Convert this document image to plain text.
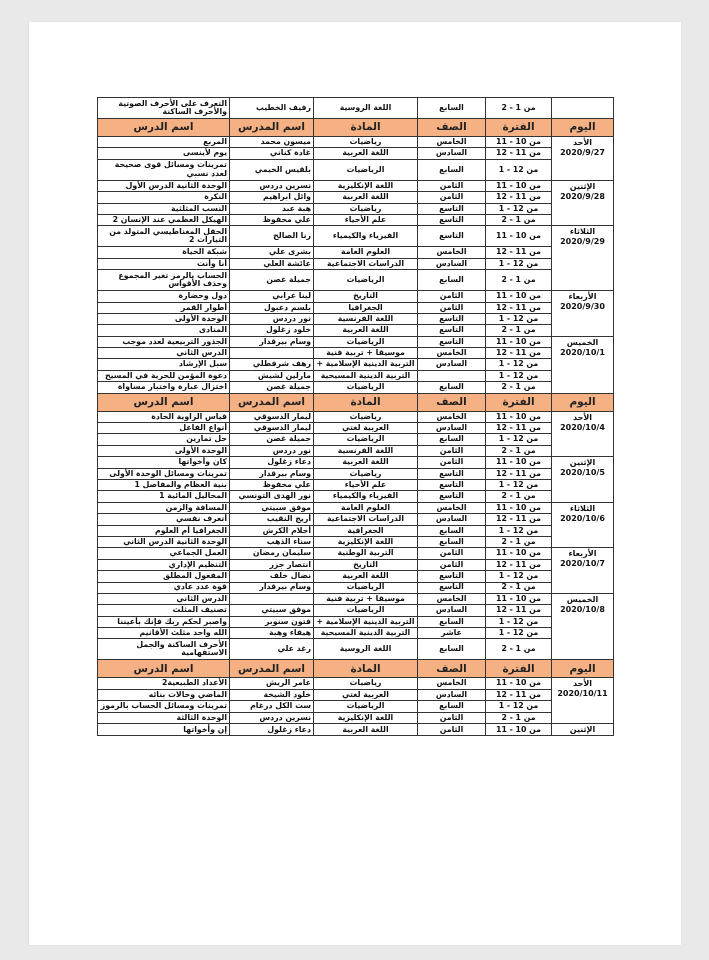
	من 1 - 2	السابع	اللغة الروسية	رفيف الخطيب	التعرف على الأحرف الصوتية والأحرف الساكنة
اليوم	الفترة	الصف	المادة	اسم المدرس	اسم الدرس

الأحد
2020/9/27	من 10 - 11	الخامس	رياضيات	ميسون محمد	المربع
	من 11 - 12	السادس	اللغة العربية	غادة كناني	يوم لأينسى
	من 12 - 1	السابع	الرياضيات	بلقيس الخيمي	تمرينات ومسائل قوى صحيحة لعدد نسبي

الإثنين
2020/9/28	من 10 - 11	الثامن	اللغة الإنكليزية	نسرين دردس	الوحدة الثانية الدرس الأول
	من 11 - 12	الثامن	اللغة العربية	وائل ابراهيم	النكرة
	من 12 - 1	التاسع	رياضيات	هبة عبد	النسب المثلثية
	من 1 - 2	التاسع	علم الأحياء	علي محفوظ	الهيكل العظمي عند الإنسان 2

الثلاثاء
2020/9/29	من 10 - 11	التاسع	الفيزياء والكيمياء	رنا الصالح	الحقل المغناطيسي المتولد من التيارات 2
	من 11 - 12	الخامس	العلوم العامة	بشرى علي	شبكة الحياة
	من 12 - 1	السادس	الدراسات الاجتماعية	عائشة العلي	أنا وأنت
	من 1 - 2	السابع	الرياضيات	جميلة غصن	الحساب بالرمز تغير المجموع وحذف الأقواس

الأربعاء
2020/9/30	من 10 - 11	الثامن	التاريخ	لينا عرابي	دول وحضارة
	من 11 - 12	الثامن	الجغرافيا	بلسم دعبول	أطوار القمر
	من 12 - 1	التاسع	اللغة الفرنسية	نور دردس	الوحدة الأولى
	من 1 - 2	التاسع	اللغة العربية	خلود زغلول	المنادى

الخميس
2020/10/1	من 10 - 11	التاسع	الرياضيات	وسام بيرقدار	الجذور التربيعية لعدد موجب
	من 11 - 12	الخامس	موسيقا + تربية فنية		الدرس الثاني
	من 12 - 1	السادس	التربية الدينية الإسلامية +	رهف شرفطلي	سبل الإرشاد
	من 12 - 1		التربية الدينية المسيحية	مارلين لشيش	دعوة المؤمن للحرية في المسيح
	من 1 - 2	السابع	الرياضيات	جميلة غصن	اختزال عبارة واختبار مساواة
اليوم	الفترة	الصف	المادة	اسم المدرس	اسم الدرس

الأحد
2020/10/4	من 10 - 11	الخامس	رياضيات	ليمار الدسوقي	قياس الزاوية الحادة
	من 11 - 12	السادس	العربية لغتي	ليمار الدسوقي	أنواع الفاعل
	من 12 - 1	السابع	الرياضيات	جميلة غصن	حل تمارين
	من 1 - 2	الثامن	اللغة الفرنسية	نور دردس	الوحدة الأولى

الإثنين
2020/10/5	من 10 - 11	الثامن	اللغة العربية	دعاء زغلول	كان وأخواتها
	من 11 - 12	التاسع	رياضيات	وسام بيرقدار	تمرينات ومسائل الوحدة الأولى
	من 12 - 1	التاسع	علم الأحياء	علي محفوظ	بنية العظام والمفاصل 1
	من 1 - 2	التاسع	الفيزياء والكيمياء	نور الهدى التونسي	المحاليل المائية 1

الثلاثاء
2020/10/6	من 10 - 11	الخامس	العلوم العامة	موفق سبيتي	المسافة والزمن
	من 11 - 12	السادس	الدراسات الاجتماعية	أريج النقيب	أتعرف نفسي
	من 12 - 1	السابع	الجغرافية	أحلام الكرش	الجغرافيا أم العلوم
	من 1 - 2	السابع	اللغة الإنكليزية	سناء الذهب	الوحدة الثانية الدرس الثاني

الأربعاء
2020/10/7	من 10 - 11	الثامن	التربية الوطنية	سليمان رمضان	العمل الجماعي
	من 11 - 12	الثامن	التاريخ	انتصار جزر	التنظيم الإداري
	من 12 - 1	التاسع	اللغة العربية	نضال خلف	المفعول المطلق
	من 1 - 2	التاسع	الرياضيات	وسام بيرقدار	قوة عدد عادي

الخميس
2020/10/8	من 10 - 11	الخامس	موسيقا + تربية فنية		الدرس الثاني
	من 11 - 12	السادس	الرياضيات	موفق سبيتي	تصنيف المثلث
	من 12 - 1	السابع	التربية الدينية الإسلامية +	فتون سنوبر	واصبر لحكم ربك فإنك بأعيننا
	من 12 - 1	عاشر	التربية الدينية المسيحية	هيفاء وهبة	الله واحد مثلث الأقانيم
	من 1 - 2	السابع	اللغة الروسية	رغد علي	الأحرف الساكنة والجمل الاستفهامية
اليوم	الفترة	الصف	المادة	اسم المدرس	اسم الدرس

الأحد
2020/10/11	من 10 - 11	الخامس	رياضيات	عامر الريش	الأعداد الطبيعية2
	من 11 - 12	السادس	العربية لغتي	خلود الشيخة	الماضي وحالات بنائه
	من 12 - 1	السابع	الرياضيات	ست الكل درغام	تمرينات ومسائل الحساب بالرموز
	من 1 - 2	الثامن	اللغة الإنكليزية	نسرين دردس	الوحدة الثالثة

الإثنين	من 10 - 11	الثامن	اللغة العربية	دعاء زغلول	إن وأخواتها
